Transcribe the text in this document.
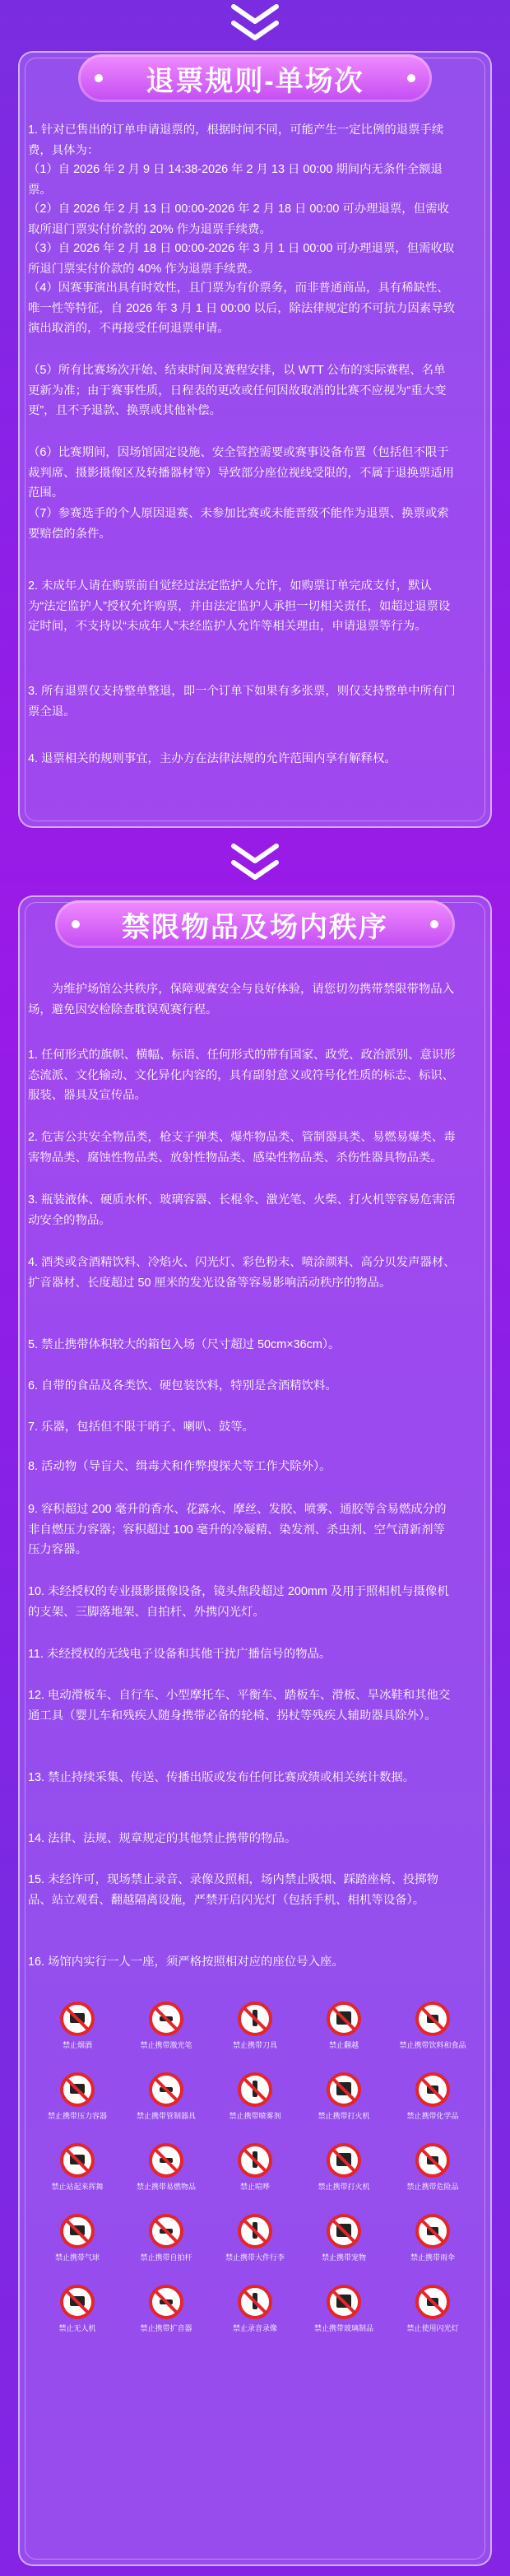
退票规则-单场次

1. 针对已售出的订单申请退票的，根据时间不同，可能产生一定比例的退票手续费，具体为：

（1）自 2026 年 2 月 9 日 14:38-2026 年 2 月 13 日 00:00 期间内无条件全额退票。

（2）自 2026 年 2 月 13 日 00:00-2026 年 2 月 18 日 00:00 可办理退票，但需收取所退门票实付价款的 20% 作为退票手续费。

（3）自 2026 年 2 月 18 日 00:00-2026 年 3 月 1 日 00:00 可办理退票，但需收取所退门票实付价款的 40% 作为退票手续费。

（4）因赛事演出具有时效性，且门票为有价票务，而非普通商品，具有稀缺性、唯一性等特征，自 2026 年 3 月 1 日 00:00 以后，除法律规定的不可抗力因素导致演出取消的，不再接受任何退票申请。

（5）所有比赛场次开始、结束时间及赛程安排，以 WTT 公布的实际赛程、名单更新为准；由于赛事性质，日程表的更改或任何因故取消的比赛不应视为“重大变更”，且不予退款、换票或其他补偿。

（6）比赛期间，因场馆固定设施、安全管控需要或赛事设备布置（包括但不限于裁判席、摄影摄像区及转播器材等）导致部分座位视线受限的，不属于退换票适用范围。

（7）参赛选手的个人原因退赛、未参加比赛或未能晋级不能作为退票、换票或索要赔偿的条件。

2. 未成年人请在购票前自觉经过法定监护人允许，如购票订单完成支付，默认为“法定监护人”授权允许购票，并由法定监护人承担一切相关责任，如超过退票设定时间，不支持以“未成年人”未经监护人允许等相关理由，申请退票等行为。

3. 所有退票仅支持整单整退，即一个订单下如果有多张票，则仅支持整单中所有门票全退。

4. 退票相关的规则事宜，主办方在法律法规的允许范围内享有解释权。

禁限物品及场内秩序

为维护场馆公共秩序，保障观赛安全与良好体验，请您切勿携带禁限带物品入场，避免因安检除查耽误观赛行程。

1. 任何形式的旗帜、横幅、标语、任何形式的带有国家、政党、政治派别、意识形态流派、文化输动、文化异化内容的，具有副射意义或符号化性质的标志、标识、服装、器具及宣传品。

2. 危害公共安全物品类，枪支子弹类、爆炸物品类、管制器具类、易燃易爆类、毒害物品类、腐蚀性物品类、放射性物品类、感染性物品类、杀伤性器具物品类。

3. 瓶装液体、硬质水杯、玻璃容器、长棍伞、激光笔、火柴、打火机等容易危害活动安全的物品。

4. 酒类或含酒精饮料、冷焰火、闪光灯、彩色粉末、喷涂颜料、高分贝发声器材、扩音器材、长度超过 50 厘米的发光设备等容易影响活动秩序的物品。

5. 禁止携带体积较大的箱包入场（尺寸超过 50cm×36cm）。

6. 自带的食品及各类饮、硬包装饮料，特别是含酒精饮料。

7. 乐器，包括但不限于哨子、喇叭、鼓等。

8. 活动物（导盲犬、缉毒犬和作弊搜探犬等工作犬除外）。

9. 容积超过 200 毫升的香水、花露水、摩丝、发胶、喷雾、通胶等含易燃成分的非自燃压力容器；容积超过 100 毫升的冷凝精、染发剂、杀虫剂、空气清新剂等压力容器。

10. 未经授权的专业摄影摄像设备，镜头焦段超过 200mm 及用于照相机与摄像机的支架、三脚落地架、自拍杆、外携闪光灯。

11. 未经授权的无线电子设备和其他干扰广播信号的物品。

12. 电动滑板车、自行车、小型摩托车、平衡车、踏板车、滑板、旱冰鞋和其他交通工具（婴儿车和残疾人随身携带必备的轮椅、拐杖等残疾人辅助器具除外）。

13. 禁止持续采集、传送、传播出版或发布任何比赛成绩或相关统计数据。

14. 法律、法规、规章规定的其他禁止携带的物品。

15. 未经许可，现场禁止录音、录像及照相，场内禁止吸烟、踩踏座椅、投掷物品、站立观看、翻越隔离设施，严禁开启闪光灯（包括手机、相机等设备）。

16. 场馆内实行一人一座，须严格按照相对应的座位号入座。

禁止烟酒	禁止携带激光笔	禁止携带刀具	禁止翻越	禁止携带饮料和食品
禁止携带压力容器	禁止携带管制器具	禁止携带喷雾剂	禁止携带打火机	禁止携带化学品
禁止站起来挥舞	禁止携带易燃物品	禁止喧哗	禁止携带打火机	禁止携带危险品
禁止携带气球	禁止携带自拍杆	禁止携带大件行李	禁止携带宠物	禁止携带雨伞
禁止无人机	禁止携带扩音器	禁止录音录像	禁止携带玻璃制品	禁止使用闪光灯
